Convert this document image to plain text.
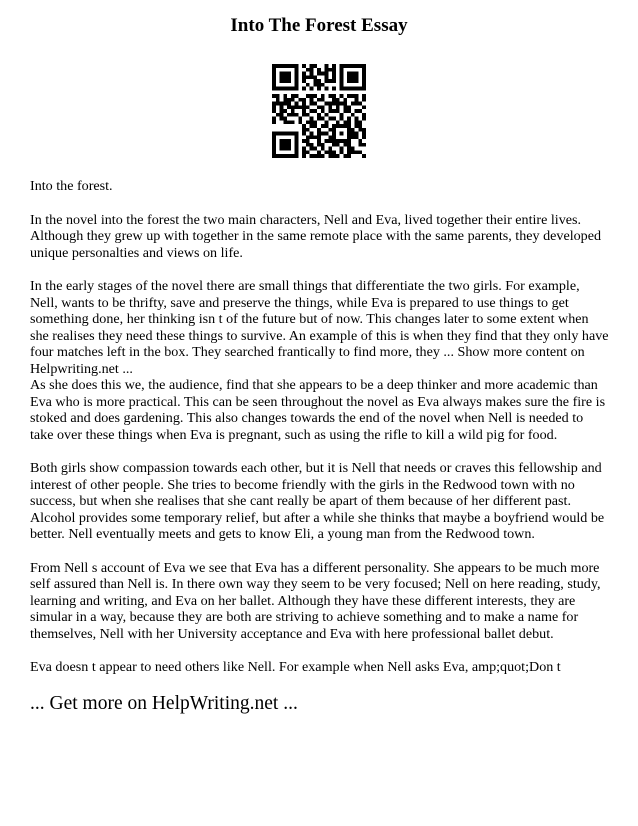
Into The Forest Essay

Into the forest.

In the novel into the forest the two main characters, Nell and Eva, lived together their entire lives. Although they grew up with together in the same remote place with the same parents, they developed unique personalties and views on life.

In the early stages of the novel there are small things that differentiate the two girls. For example, Nell, wants to be thrifty, save and preserve the things, while Eva is prepared to use things to get something done, her thinking isn t of the future but of now. This changes later to some extent when she realises they need these things to survive. An example of this is when they find that they only have four matches left in the box. They searched frantically to find more, they ... Show more content on Helpwriting.net ...

As she does this we, the audience, find that she appears to be a deep thinker and more academic than Eva who is more practical. This can be seen throughout the novel as Eva always makes sure the fire is stoked and does gardening. This also changes towards the end of the novel when Nell is needed to take over these things when Eva is pregnant, such as using the rifle to kill a wild pig for food.

Both girls show compassion towards each other, but it is Nell that needs or craves this fellowship and interest of other people. She tries to become friendly with the girls in the Redwood town with no success, but when she realises that she cant really be apart of them because of her different past. Alcohol provides some temporary relief, but after a while she thinks that maybe a boyfriend would be better. Nell eventually meets and gets to know Eli, a young man from the Redwood town.

From Nell s account of Eva we see that Eva has a different personality. She appears to be much more self assured than Nell is. In there own way they seem to be very focused; Nell on here reading, study, learning and writing, and Eva on her ballet. Although they have these different interests, they are simular in a way, because they are both are striving to achieve something and to make a name for themselves, Nell with her University acceptance and Eva with here professional ballet debut.

Eva doesn t appear to need others like Nell. For example when Nell asks Eva, amp;quot;Don t

... Get more on HelpWriting.net ...
